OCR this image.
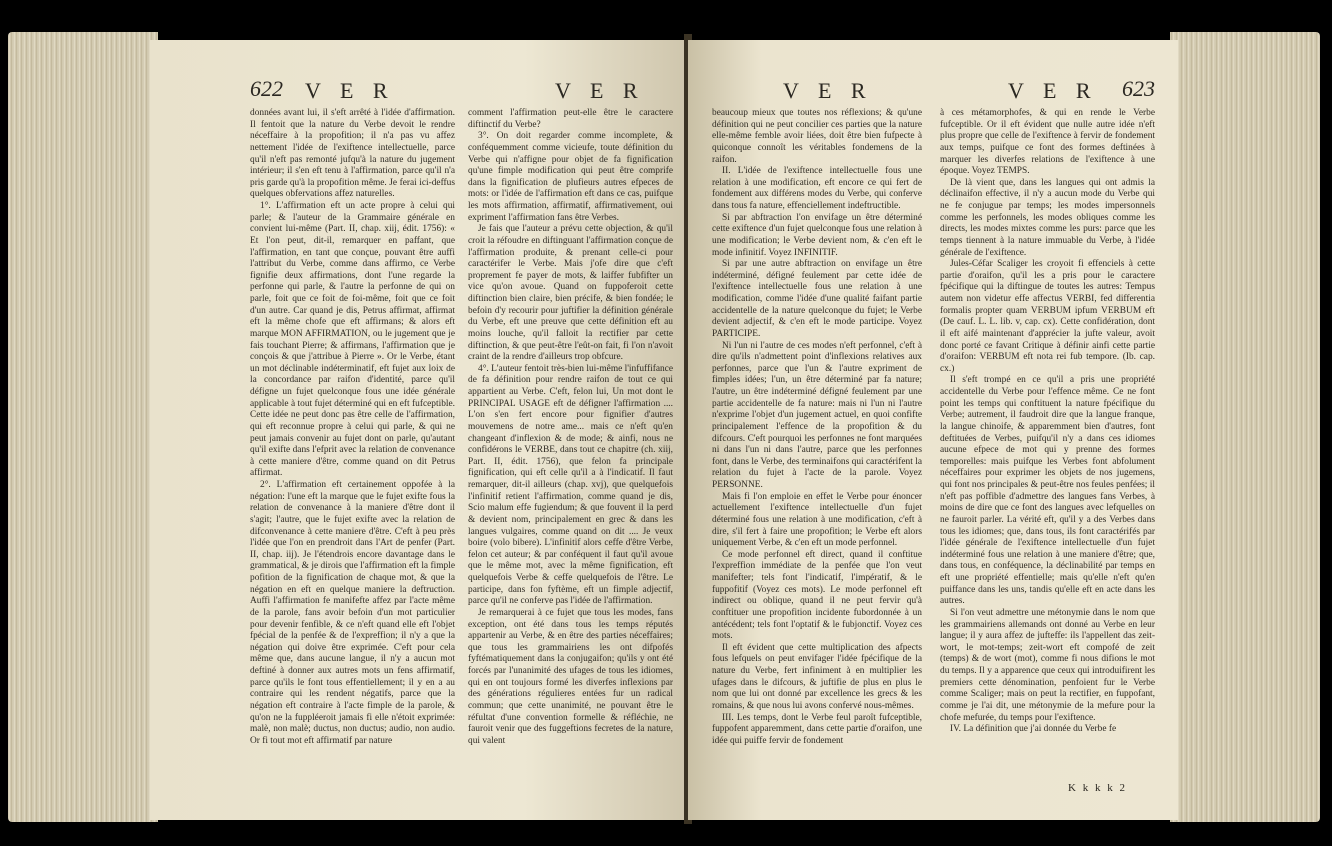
622 V E R	V E R

données avant lui, il s'eft arrêté à l'idée d'affirmation. Il fentoit que la nature du Verbe devoit le rendre néceffaire à la propofition; il n'a pas vu affez nettement l'idée de l'exiftence intellectuelle, parce qu'il n'eft pas remonté jufqu'à la nature du jugement intérieur; il s'en eft tenu à l'affirmation, parce qu'il n'a pris garde qu'à la propofition même. Je ferai ici-deffus quelques obfervations affez naturelles.

1°. L'affirmation eft un acte propre à celui qui parle; & l'auteur de la Grammaire générale en convient lui-même (Part. II, chap. xiij, édit. 1756): « Et l'on peut, dit-il, remarquer en paffant, que l'affirmation, en tant que conçue, pouvant être auffi l'attribut du Verbe, comme dans affirmo, ce Verbe fignifie deux affirmations, dont l'une regarde la perfonne qui parle, & l'autre la perfonne de qui on parle, foit que ce foit de foi-même, foit que ce foit d'un autre. Car quand je dis, Petrus affirmat, affirmat eft la même chofe que eft affirmans; & alors eft marque MON AFFIRMATION, ou le jugement que je fais touchant Pierre; & affirmans, l'affirmation que je conçois & que j'attribue à Pierre ». Or le Verbe, étant un mot déclinable indéterminatif, eft fujet aux loix de la concordance par raifon d'identité, parce qu'il défigne un fujet quelconque fous une idée générale applicable à tout fujet déterminé qui en eft fufceptible. Cette idée ne peut donc pas être celle de l'affirmation, qui eft reconnue propre à celui qui parle, & qui ne peut jamais convenir au fujet dont on parle, qu'autant qu'il exifte dans l'efprit avec la relation de convenance à cette maniere d'être, comme quand on dit Petrus affirmat.

2°. L'affirmation eft certainement oppofée à la négation: l'une eft la marque que le fujet exifte fous la relation de convenance à la maniere d'être dont il s'agit; l'autre, que le fujet exifte avec la relation de difconvenance à cette maniere d'être. C'eft à peu près l'idée que l'on en prendroit dans l'Art de penfer (Part. II, chap. iij). Je l'étendrois encore davantage dans le grammatical, & je dirois que l'affirmation eft la fimple pofition de la fignification de chaque mot, & que la négation en eft en quelque maniere la deftruction. Auffi l'affirmation fe manifefte affez par l'acte même de la parole, fans avoir befoin d'un mot particulier pour devenir fenfible, & ce n'eft quand elle eft l'objet fpécial de la penfée & de l'expreffion; il n'y a que la négation qui doive être exprimée. C'eft pour cela même que, dans aucune langue, il n'y a aucun mot deftiné à donner aux autres mots un fens affirmatif, parce qu'ils le font tous effentiellement; il y en a au contraire qui les rendent négatifs, parce que la négation eft contraire à l'acte fimple de la parole, & qu'on ne la fuppléeroit jamais fi elle n'étoit exprimée: malè, non malè; ductus, non ductus; audio, non audio. Or fi tout mot eft affirmatif par nature

comment l'affirmation peut-elle être le caractere diftinctif du Verbe?

3°. On doit regarder comme incomplete, & conféquemment comme vicieufe, toute définition du Verbe qui n'affigne pour objet de fa fignification qu'une fimple modification qui peut être comprife dans la fignification de plufieurs autres efpeces de mots: or l'idée de l'affirmation eft dans ce cas, puifque les mots affirmation, affirmatif, affirmativement, oui expriment l'affirmation fans être Verbes.

Je fais que l'auteur a prévu cette objection, & qu'il croit la réfoudre en diftinguant l'affirmation conçue de l'affirmation produite, & prenant celle-ci pour caractérifer le Verbe. Mais j'ofe dire que c'eft proprement fe payer de mots, & laiffer fubfifter un vice qu'on avoue. Quand on fuppoferoit cette diftinction bien claire, bien précife, & bien fondée; le befoin d'y recourir pour juftifier la définition générale du Verbe, eft une preuve que cette définition eft au moins louche, qu'il falloit la rectifier par cette diftinction, & que peut-être l'eût-on fait, fi l'on n'avoit craint de la rendre d'ailleurs trop obfcure.

4°. L'auteur fentoit très-bien lui-même l'infuffifance de fa définition pour rendre raifon de tout ce qui appartient au Verbe. C'eft, felon lui, Un mot dont le PRINCIPAL USAGE eft de défigner l'affirmation .... L'on s'en fert encore pour fignifier d'autres mouvemens de notre ame... mais ce n'eft qu'en changeant d'inflexion & de mode; & ainfi, nous ne confidérons le VERBE, dans tout ce chapitre (ch. xiij, Part. II, édit. 1756), que felon fa principale fignification, qui eft celle qu'il a à l'indicatif. Il faut remarquer, dit-il ailleurs (chap. xvj), que quelquefois l'infinitif retient l'affirmation, comme quand je dis, Scio malum effe fugiendum; & que fouvent il la perd & devient nom, principalement en grec & dans les langues vulgaires, comme quand on dit .... Je veux boire (volo bibere). L'infinitif alors ceffe d'être Verbe, felon cet auteur; & par conféquent il faut qu'il avoue que le même mot, avec la même fignification, eft quelquefois Verbe & ceffe quelquefois de l'être. Le participe, dans fon fyftème, eft un fimple adjectif, parce qu'il ne conferve pas l'idée de l'affirmation.

Je remarquerai à ce fujet que tous les modes, fans exception, ont été dans tous les temps réputés appartenir au Verbe, & en être des parties néceffaires; que tous les grammairiens les ont difpofés fyftématiquement dans la conjugaifon; qu'ils y ont été forcés par l'unanimité des ufages de tous les idiomes, qui en ont toujours formé les diverfes inflexions par des générations régulieres entées fur un radical commun; que cette unanimité, ne pouvant être le réfultat d'une convention formelle & réfléchie, ne fauroit venir que des fuggeftions fecretes de la nature, qui valent

V E R	V E R 623

beaucoup mieux que toutes nos réflexions; & qu'une définition qui ne peut concilier ces parties que la nature elle-même femble avoir liées, doit être bien fufpecte à quiconque connoît les véritables fondemens de la raifon.

II. L'idée de l'exiftence intellectuelle fous une relation à une modification, eft encore ce qui fert de fondement aux différens modes du Verbe, qui conferve dans tous fa nature, effenciellement indeftructible.

Si par abftraction l'on envifage un être déterminé cette exiftence d'un fujet quelconque fous une relation à une modification; le Verbe devient nom, & c'en eft le mode infinitif. Voyez INFINITIF.

Si par une autre abftraction on envifage un être indéterminé, défigné feulement par cette idée de l'exiftence intellectuelle fous une relation à une modification, comme l'idée d'une qualité faifant partie accidentelle de la nature quelconque du fujet; le Verbe devient adjectif, & c'en eft le mode participe. Voyez PARTICIPE.

Ni l'un ni l'autre de ces modes n'eft perfonnel, c'eft à dire qu'ils n'admettent point d'inflexions relatives aux perfonnes, parce que l'un & l'autre expriment de fimples idées; l'un, un être déterminé par fa nature; l'autre, un être indéterminé défigné feulement par une partie accidentelle de fa nature: mais ni l'un ni l'autre n'exprime l'objet d'un jugement actuel, en quoi confifte principalement l'effence de la propofition & du difcours. C'eft pourquoi les perfonnes ne font marquées ni dans l'un ni dans l'autre, parce que les perfonnes font, dans le Verbe, des terminaifons qui caractérifent la relation du fujet à l'acte de la parole. Voyez PERSONNE.

Mais fi l'on emploie en effet le Verbe pour énoncer actuellement l'exiftence intellectuelle d'un fujet déterminé fous une relation à une modification, c'eft à dire, s'il fert à faire une propofition; le Verbe eft alors uniquement Verbe, & c'en eft un mode perfonnel.

Ce mode perfonnel eft direct, quand il conftitue l'expreffion immédiate de la penfée que l'on veut manifefter; tels font l'indicatif, l'impératif, & le fuppofitif (Voyez ces mots). Le mode perfonnel eft indirect ou oblique, quand il ne peut fervir qu'à conftituer une propofition incidente fubordonnée à un antécédent; tels font l'optatif & le fubjonctif. Voyez ces mots.

Il eft évident que cette multiplication des afpects fous lefquels on peut envifager l'idée fpécifique de la nature du Verbe, fert infiniment à en multiplier les ufages dans le difcours, & juftifie de plus en plus le nom que lui ont donné par excellence les grecs & les romains, & que nous lui avons confervé nous-mêmes.

III. Les temps, dont le Verbe feul paroît fufceptible, fuppofent apparemment, dans cette partie d'oraifon, une idée qui puiffe fervir de fondement

à ces métamorphofes, & qui en rende le Verbe fufceptible. Or il eft évident que nulle autre idée n'eft plus propre que celle de l'exiftence à fervir de fondement aux temps, puifque ce font des formes deftinées à marquer les diverfes relations de l'exiftence à une époque. Voyez TEMPS.

De là vient que, dans les langues qui ont admis la déclinaifon effective, il n'y a aucun mode du Verbe qui ne fe conjugue par temps; les modes impersonnels comme les perfonnels, les modes obliques comme les directs, les modes mixtes comme les purs: parce que les temps tiennent à la nature immuable du Verbe, à l'idée générale de l'exiftence.

Jules-Céfar Scaliger les croyoit fi effenciels à cette partie d'oraifon, qu'il les a pris pour le caractere fpécifique qui la diftingue de toutes les autres: Tempus autem non videtur effe affectus VERBI, fed differentia formalis propter quam VERBUM ipfum VERBUM eft (De cauf. L. L. lib. v, cap. cx). Cette confidération, dont il eft aifé maintenant d'apprécier la jufte valeur, avoit donc porté ce favant Critique à définir ainfi cette partie d'oraifon: VERBUM eft nota rei fub tempore. (Ib. cap. cx.)

Il s'eft trompé en ce qu'il a pris une propriété accidentelle du Verbe pour l'effence même. Ce ne font point les temps qui conftituent la nature fpécifique du Verbe; autrement, il faudroit dire que la langue franque, la langue chinoife, & apparemment bien d'autres, font deftituées de Verbes, puifqu'il n'y a dans ces idiomes aucune efpece de mot qui y prenne des formes temporelles: mais puifque les Verbes font abfolument néceffaires pour exprimer les objets de nos jugemens, qui font nos principales & peut-être nos feules penfées; il n'eft pas poffible d'admettre des langues fans Verbes, à moins de dire que ce font des langues avec lefquelles on ne fauroit parler. La vérité eft, qu'il y a des Verbes dans tous les idiomes; que, dans tous, ils font caractérifés par l'idée générale de l'exiftence intellectuelle d'un fujet indéterminé fous une relation à une maniere d'être; que, dans tous, en conféquence, la déclinabilité par temps en eft une propriété effentielle; mais qu'elle n'eft qu'en puiffance dans les uns, tandis qu'elle eft en acte dans les autres.

Si l'on veut admettre une métonymie dans le nom que les grammairiens allemands ont donné au Verbe en leur langue; il y aura affez de jufteffe: ils l'appellent das zeit-wort, le mot-temps; zeit-wort eft compofé de zeit (temps) & de wort (mot), comme fi nous difions le mot du temps. Il y a apparence que ceux qui introduifirent les premiers cette dénomination, penfoient fur le Verbe comme Scaliger; mais on peut la rectifier, en fuppofant, comme je l'ai dit, une métonymie de la mefure pour la chofe mefurée, du temps pour l'exiftence.

IV. La définition que j'ai donnée du Verbe fe

K k k k 2
